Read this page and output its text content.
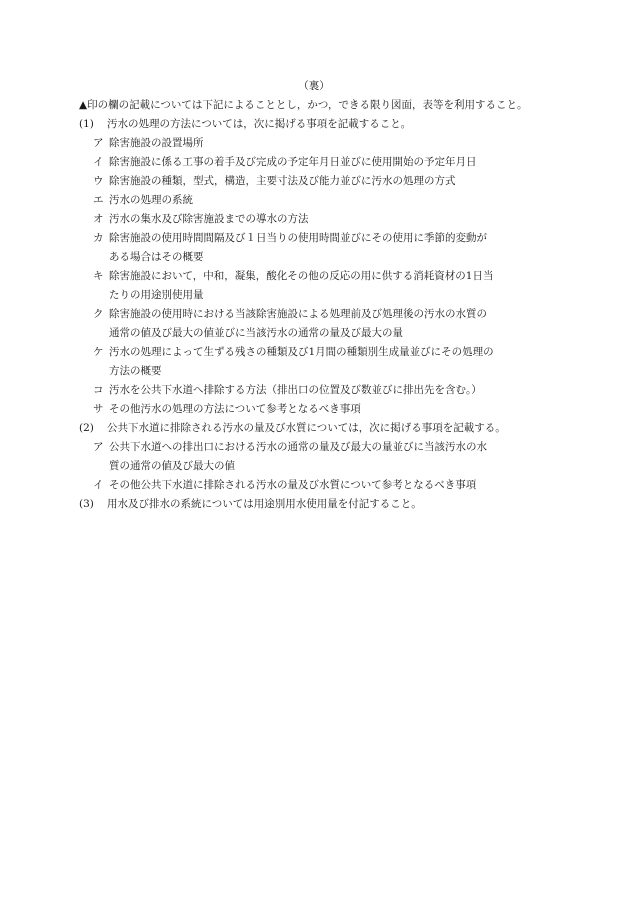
（裏）
▲印の欄の記載については下記によることとし，かつ，できる限り図面，表等を利用すること。
(1)	汚水の処理の方法については，次に掲げる事項を記載すること。
ア 除害施設の設置場所
イ 除害施設に係る工事の着手及び完成の予定年月日並びに使用開始の予定年月日
ウ 除害施設の種類，型式，構造，主要寸法及び能力並びに汚水の処理の方式
エ 汚水の処理の系統
オ 汚水の集水及び除害施設までの導水の方法
カ 除害施設の使用時間間隔及び１日当りの使用時間並びにその使用に季節的変動が
ある場合はその概要
キ 除害施設において，中和，凝集，酸化その他の反応の用に供する消耗資材の1日当
たりの用途別使用量
ク 除害施設の使用時における当該除害施設による処理前及び処理後の汚水の水質の
通常の値及び最大の値並びに当該汚水の通常の量及び最大の量
ケ 汚水の処理によって生ずる残さの種類及び1月間の種類別生成量並びにその処理の
方法の概要
コ 汚水を公共下水道へ排除する方法（排出口の位置及び数並びに排出先を含む。）
サ その他汚水の処理の方法について参考となるべき事項
(2)	公共下水道に排除される汚水の量及び水質については，次に掲げる事項を記載する。
ア 公共下水道への排出口における汚水の通常の量及び最大の量並びに当該汚水の水
質の通常の値及び最大の値
イ その他公共下水道に排除される汚水の量及び水質について参考となるべき事項
(3)	用水及び排水の系統については用途別用水使用量を付記すること。
